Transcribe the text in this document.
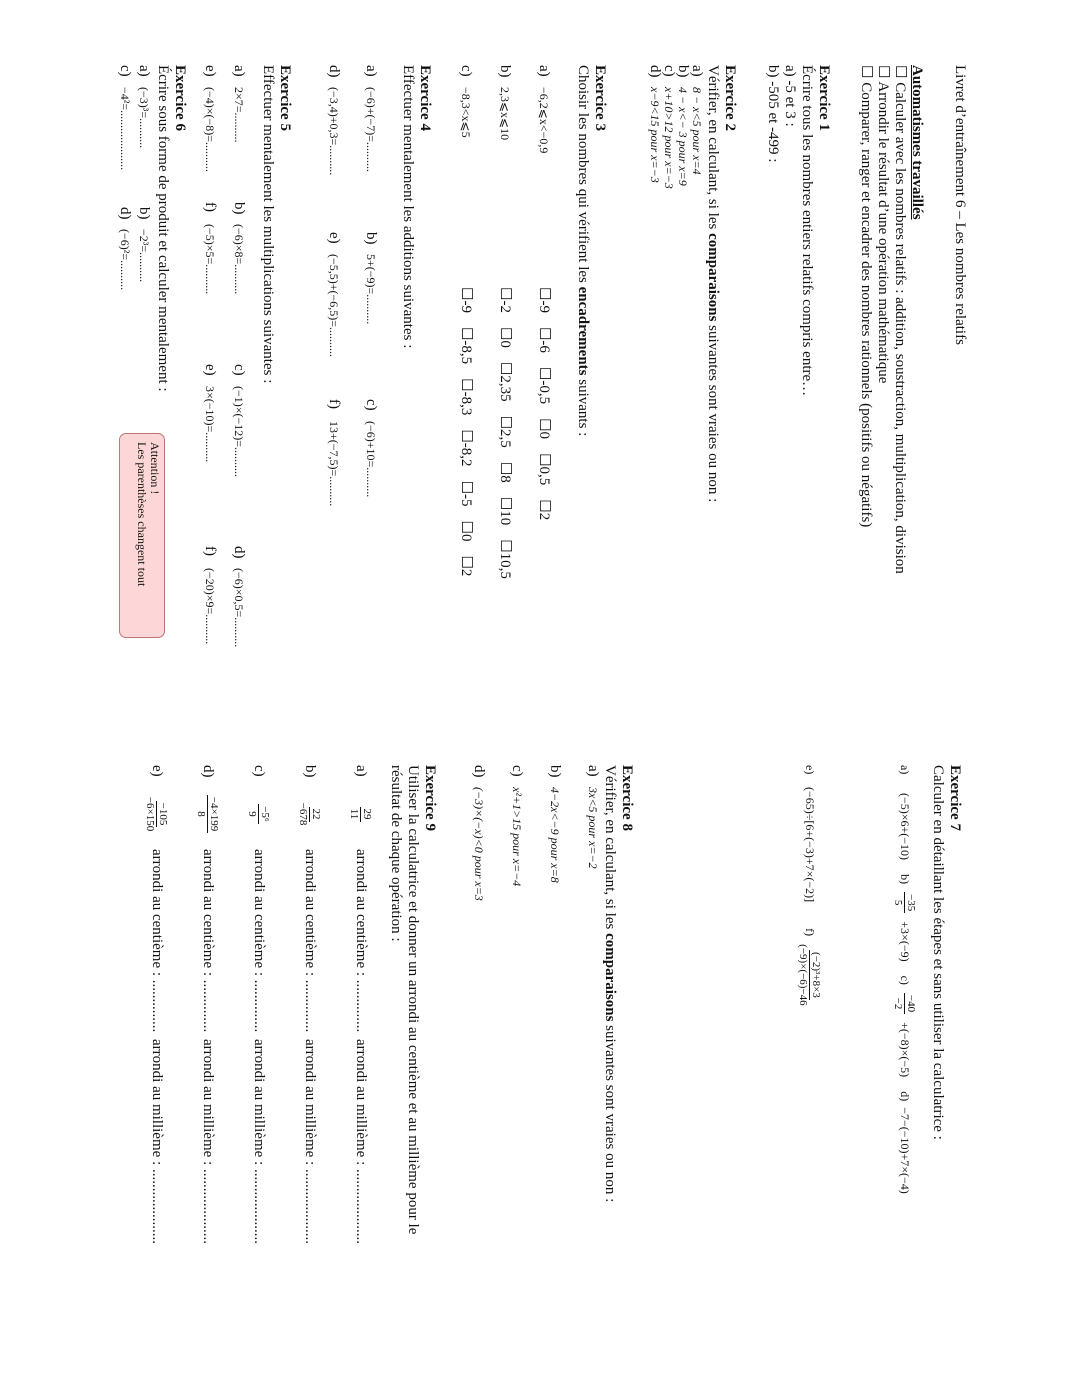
Livret d’entraînement 6 – Les nombres relatifs
Automatismes travaillés
☐ Calculer avec les nombres relatifs : addition, soustraction, multiplication, division
☐ Arrondir le résultat d’une opération mathématique
☐ Comparer, ranger et encadrer des nombres rationnels (positifs ou négatifs)
Exercice 1
Écrire tous les nombres entiers relatifs compris entre…
a) -5 et 3 :
b) -505 et -499 :
Exercice 2
Vérifier, en calculant, si les comparaisons suivantes sont vraies ou non :
a)
8 − x<5 pour x=4
b)
4 − x<− 3 pour x=9
c)
x+10>12 pour x=−3
d)
x−9<15 pour x=−3
Exercice 3
Choisir les nombres qui vérifient les encadrements suivants :
a)
−6,2⩽x<−0,9
☐-9
☐-6
☐-0,5
☐0
☐0,5
☐2
b)
2,3⩽x⩽10
☐-2
☐0
☐2,35
☐2,5
☐8
☐10
☐10,5
c)
−8,3<x⩽5
☐-9
☐-8,5
☐-8,3
☐-8,2
☐-5
☐0
☐2
Exercice 4
Effectuer mentalement les additions suivantes :
a)
(−6)+(−7)=..........
b)
5+(−9)=..........
c)
(−6)+10=..........
d)
(−3,4)+0,3=..........
e)
(−5,5)+(−6,5)=..........
f)
13+(−7,5)=..........
Exercice 5
Effectuer mentalement les multiplications suivantes :
a)
2×7=..........
b)
(−6)×8=..........
c)
(−1)×(−12)=..........
d)
(−6)×0,5=..........
e)
(−4)×(−8)=..........
f)
(−5)×5=..........
e)
3×(−10)=..........
f)
(−20)×9=..........
Exercice 6
Écrire sous forme de produit et calculer mentalement :
a)
(−3)³=..........
b)
−2³=..........
c)
−4²=....................
d)
(−6)²=..........
Attention !
Les parenthèses changent tout
Exercice 7
Calculer en détaillant les étapes et sans utiliser la calculatrice :
a)
(−5)×6+(−10)
b)
−35
5
+3×(−9)
c)
−40
−2
+(−8)×(−5)
d)
−7−(−10)+7×(−4)
e)
(−65)÷[6+(−3)+7×(−2)]
f)
(−2)³+8×3
(−9)×(−6)−46
Exercice 8
Vérifier, en calculant, si les comparaisons suivantes sont vraies ou non :
a)
3x<5 pour x=−2
b)
4−2x<−9 pour x=8
c)
x²+1>15 pour x=−4
d)
(−3)×(−x)<0 pour x=3
Exercice 9
Utiliser la calculatrice et donner un arrondi au centième et au millième pour le
résultat de chaque opération :
a)
29
11
arrondi au centième : ..............
arrondi au millième : ....................
b)
22
−678
arrondi au centième : ..............
arrondi au millième : ....................
c)
−5⁶
9
arrondi au centième : ..............
arrondi au millième : ....................
d)
−4×199
8
arrondi au centième : ..............
arrondi au millième : ....................
e)
−105
−6×150
arrondi au centième : ..............
arrondi au millième : ....................
